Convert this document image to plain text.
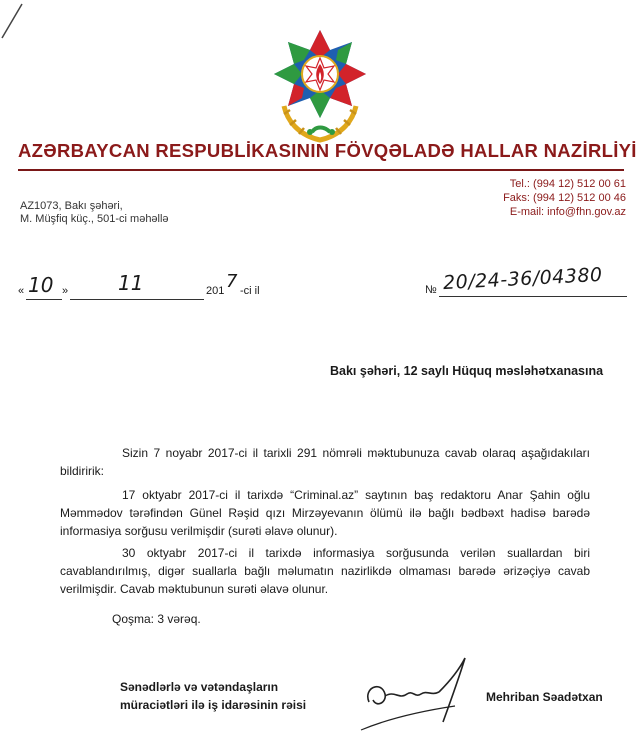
AZƏRBAYCAN RESPUBLİKASININ FÖVQƏLADƏ HALLAR NAZİRLİYİ
AZ1073, Bakı şəhəri,
M. Müşfiq küç., 501-ci məhəllə
Tel.: (994 12) 512 00 61
Faks: (994 12) 512 00 46
E-mail: info@fhn.gov.az
« 10 » 11	201 7 -ci il	№ 20/24-36/04380
Bakı şəhəri, 12 saylı Hüquq məsləhətxanasına
Sizin 7 noyabr 2017-ci il tarixli 291 nömrəli məktubunuza cavab olaraq aşağıdakıları bildiririk:
17 oktyabr 2017-ci il tarixdə “Criminal.az” saytının baş redaktoru Anar Şahin oğlu Məmmədov tərəfindən Günel Rəşid qızı Mirzəyevanın ölümü ilə bağlı bədbəxt hadisə barədə informasiya sorğusu verilmişdir (surəti əlavə olunur).
30 oktyabr 2017-ci il tarixdə informasiya sorğusunda verilən suallardan biri cavablandırılmış, digər suallarla bağlı məlumatın nazirlikdə olmaması barədə ərizəçiyə cavab verilmişdir. Cavab məktubunun surəti əlavə olunur.
Qoşma: 3 vərəq.
Sənədlərlə və vətəndaşların
müraciətləri ilə iş idarəsinin rəisi
Mehriban Səadətxan
